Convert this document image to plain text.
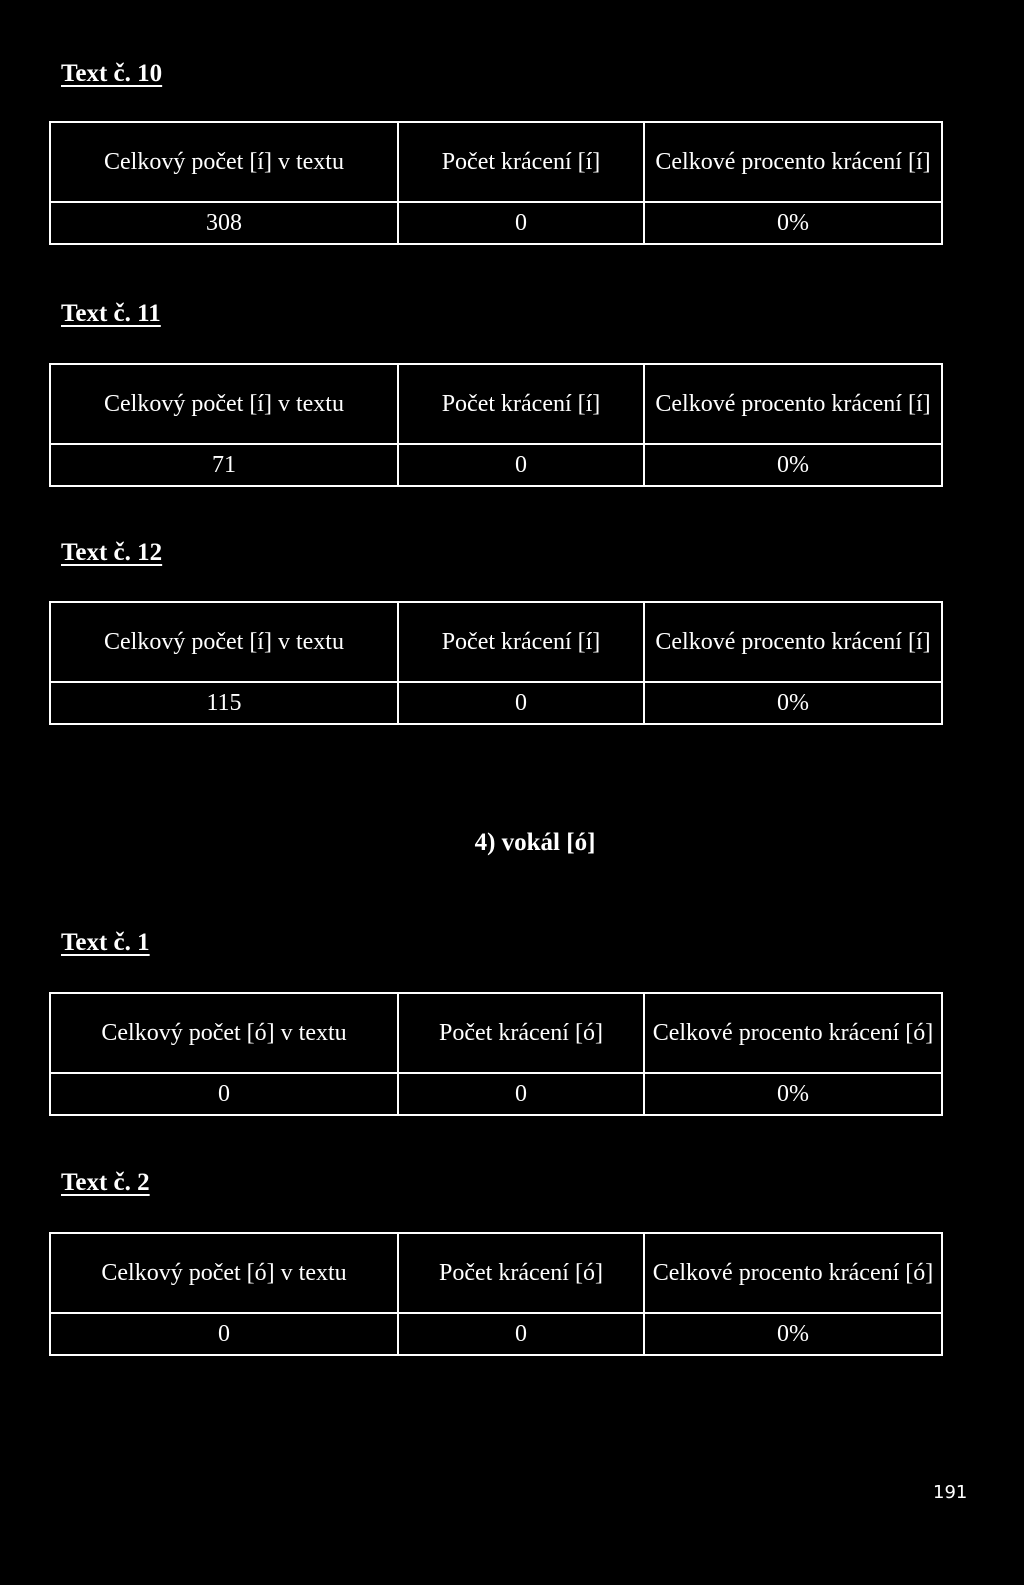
Text č. 10
Celkový počet [í] v textu	Počet krácení [í]	Celkové procento krácení [í]
308	0	0%
Text č. 11
Celkový počet [í] v textu	Počet krácení [í]	Celkové procento krácení [í]
71	0	0%
Text č. 12
Celkový počet [í] v textu	Počet krácení [í]	Celkové procento krácení [í]
115	0	0%
4) vokál [ó]
Text č. 1
Celkový počet [ó] v textu	Počet krácení [ó]	Celkové procento krácení [ó]
0	0	0%
Text č. 2
Celkový počet [ó] v textu	Počet krácení [ó]	Celkové procento krácení [ó]
0	0	0%
191
